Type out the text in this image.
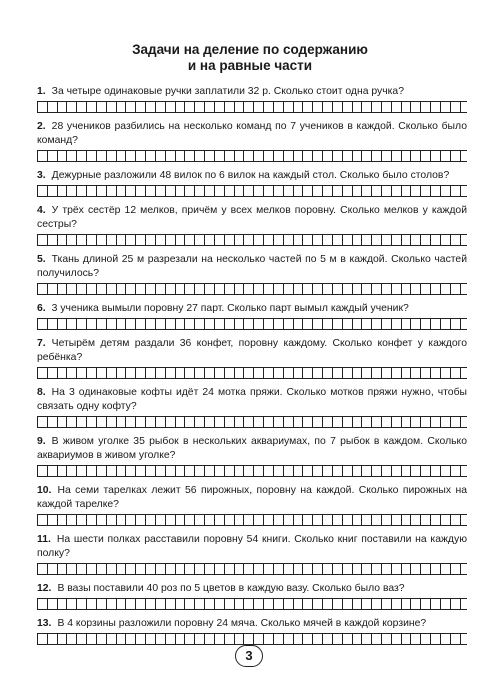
Задачи на деление по содержанию
и на равные части
1. За четыре одинаковые ручки заплатили 32 р. Сколько стоит одна ручка?
2. 28 учеников разбились на несколько команд по 7 учеников в каждой. Сколько было команд?
3. Дежурные разложили 48 вилок по 6 вилок на каждый стол. Сколько было столов?
4. У трёх сестёр 12 мелков, причём у всех мелков поровну. Сколько мелков у каждой сестры?
5. Ткань длиной 25 м разрезали на несколько частей по 5 м в каждой. Сколько частей получилось?
6. 3 ученика вымыли поровну 27 парт. Сколько парт вымыл каждый ученик?
7. Четырём детям раздали 36 конфет, поровну каждому. Сколько конфет у каждого ребёнка?
8. На 3 одинаковые кофты идёт 24 мотка пряжи. Сколько мотков пряжи нужно, чтобы связать одну кофту?
9. В живом уголке 35 рыбок в нескольких аквариумах, по 7 рыбок в каждом. Сколько аквариумов в живом уголке?
10. На семи тарелках лежит 56 пирожных, поровну на каждой. Сколько пирожных на каждой тарелке?
11. На шести полках расставили поровну 54 книги. Сколько книг поставили на каждую полку?
12. В вазы поставили 40 роз по 5 цветов в каждую вазу. Сколько было ваз?
13. В 4 корзины разложили поровну 24 мяча. Сколько мячей в каждой корзине?
3
